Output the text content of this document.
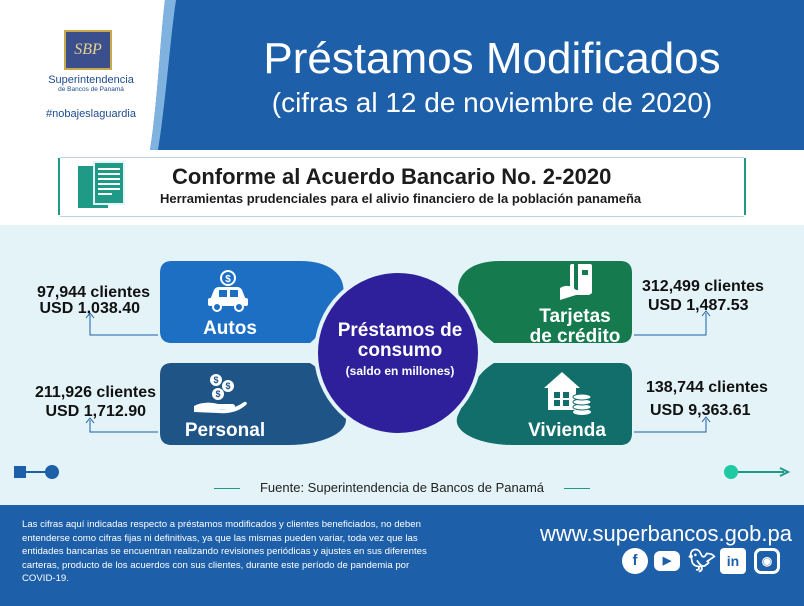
SBP
Superintendencia
de Bancos de Panamá
#nobajeslaguardia
Préstamos Modificados
(cifras al 12 de noviembre de 2020)
Conforme al Acuerdo Bancario No. 2-2020
Herramientas prudenciales para el alivio financiero de la población panameña
$
Autos
$
$
$
Personal
Tarjetas
de crédito
Vivienda
Préstamos de consumo
(saldo en millones)
97,944 clientes
USD 1,038.40
211,926 clientes
USD 1,712.90
312,499 clientes
USD 1,487.53
138,744 clientes
USD 9,363.61
Fuente: Superintendencia de Bancos de Panamá
Las cifras aquí indicadas respecto a préstamos modificados y clientes beneficiados, no deben entenderse como cifras fijas ni definitivas, ya que las mismas pueden variar, toda vez que las entidades bancarias se encuentran realizando revisiones periódicas y ajustes en sus diferentes carteras, producto de los acuerdos con sus clientes, durante este período de pandemia por COVID-19.
www.superbancos.gob.pa
f	▶ 🐦︎ in	◉
